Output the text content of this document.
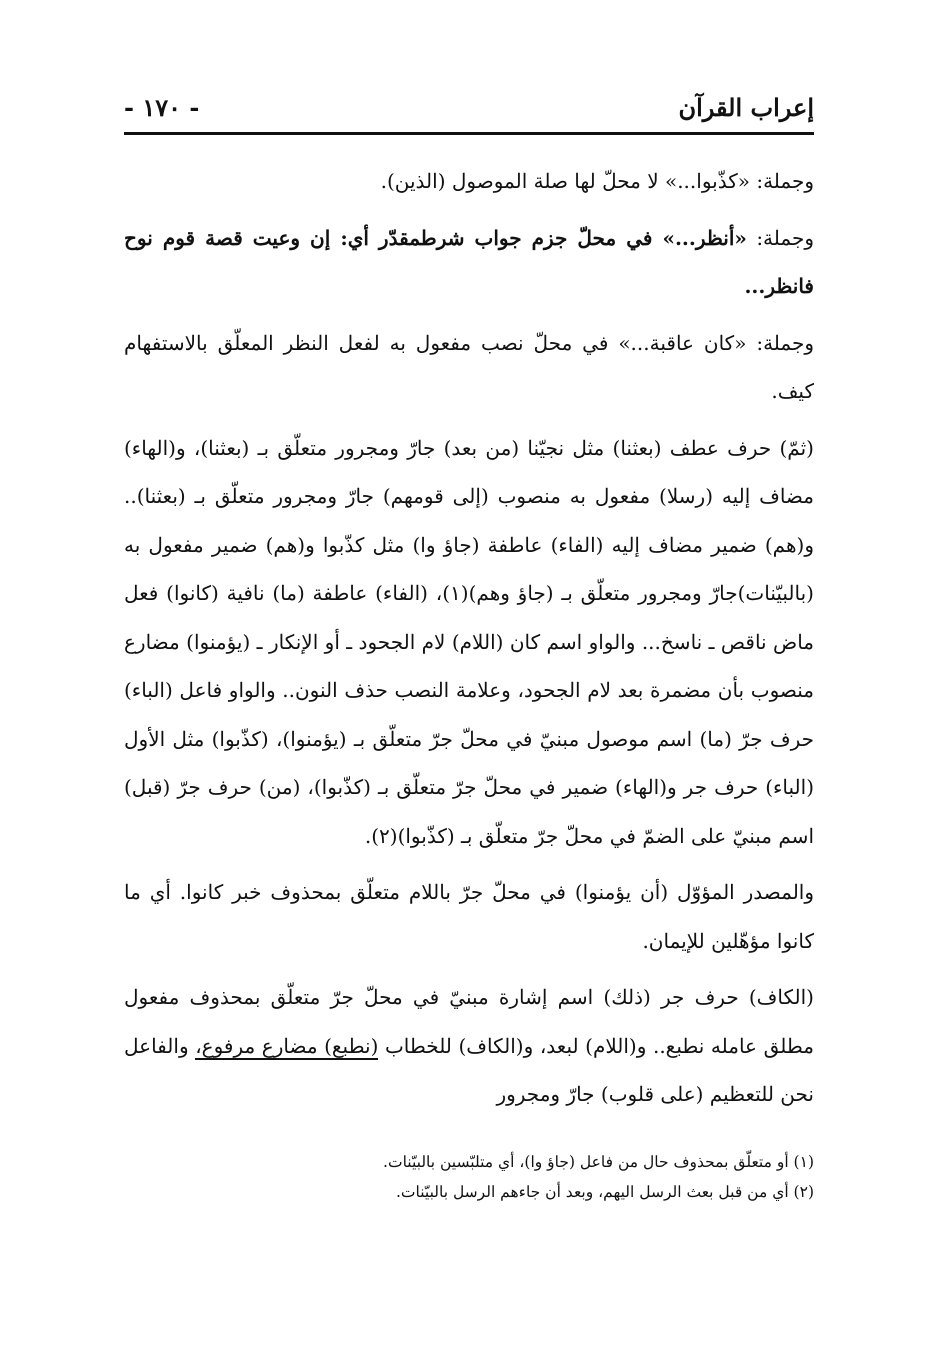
إعراب القرآن
- ١٧٠ -

وجملة: «كذّبوا...» لا محلّ لها صلة الموصول (الذين).

وجملة: «أنظر...» في محلّ جزم جواب شرطمقدّر أي: إن وعيت قصة قوم نوح فانظر...

وجملة: «كان عاقبة...» في محلّ نصب مفعول به لفعل النظر المعلّق بالاستفهام كيف.

(ثمّ) حرف عطف (بعثنا) مثل نجيّنا (من بعد) جارّ ومجرور متعلّق بـ (بعثنا)، و(الهاء) مضاف إليه (رسلا) مفعول به منصوب (إلى قومهم) جارّ ومجرور متعلّق بـ (بعثنا).. و(هم) ضمير مضاف إليه (الفاء) عاطفة (جاؤ وا) مثل كذّبوا و(هم) ضمير مفعول به (بالبيّنات)جارّ ومجرور متعلّق بـ (جاؤ وهم)(١)، (الفاء) عاطفة (ما) نافية (كانوا) فعل ماض ناقص ـ ناسخ... والواو اسم كان (اللام) لام الجحود ـ أو الإنكار ـ (يؤمنوا) مضارع منصوب بأن مضمرة بعد لام الجحود، وعلامة النصب حذف النون.. والواو فاعل (الباء) حرف جرّ (ما) اسم موصول مبنيّ في محلّ جرّ متعلّق بـ (يؤمنوا)، (كذّبوا) مثل الأول (الباء) حرف جر و(الهاء) ضمير في محلّ جرّ متعلّق بـ (كذّبوا)، (من) حرف جرّ (قبل) اسم مبنيّ على الضمّ في محلّ جرّ متعلّق بـ (كذّبوا)(٢).

والمصدر المؤوّل (أن يؤمنوا) في محلّ جرّ باللام متعلّق بمحذوف خبر كانوا. أي ما كانوا مؤهّلين للإيمان.

(الكاف) حرف جر (ذلك) اسم إشارة مبنيّ في محلّ جرّ متعلّق بمحذوف مفعول مطلق عامله نطبع.. و(اللام) لبعد، و(الكاف) للخطاب (نطبع) مضارع مرفوع، والفاعل نحن للتعظيم (على قلوب) جارّ ومجرور

(١) أو متعلّق بمحذوف حال من فاعل (جاؤ وا)، أي متلبّسين بالبيّنات.

(٢) أي من قبل بعث الرسل اليهم، وبعد أن جاءهم الرسل بالبيّنات.
